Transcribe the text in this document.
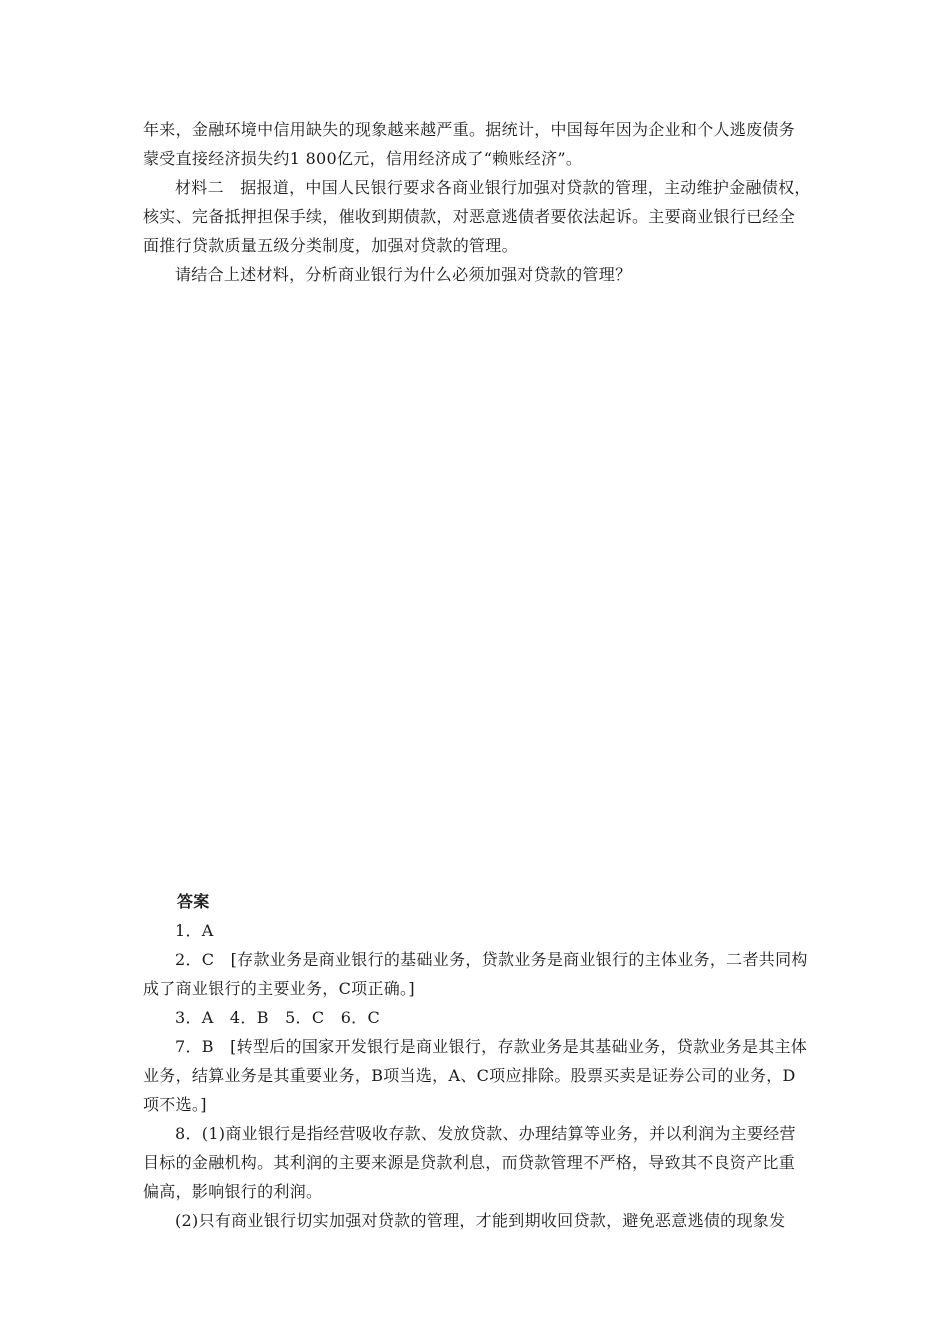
年来，金融环境中信用缺失的现象越来越严重。据统计，中国每年因为企业和个人逃废债务蒙受直接经济损失约1 800亿元，信用经济成了“赖账经济”。

材料二　据报道，中国人民银行要求各商业银行加强对贷款的管理，主动维护金融债权，核实、完备抵押担保手续，催收到期债款，对恶意逃债者要依法起诉。主要商业银行已经全面推行贷款质量五级分类制度，加强对贷款的管理。

请结合上述材料，分析商业银行为什么必须加强对贷款的管理？

答案

1．A

2．C　[存款业务是商业银行的基础业务，贷款业务是商业银行的主体业务，二者共同构成了商业银行的主要业务，C项正确。]

3．A　4．B　5．C　6．C

7．B　[转型后的国家开发银行是商业银行，存款业务是其基础业务，贷款业务是其主体业务，结算业务是其重要业务，B项当选，A、C项应排除。股票买卖是证券公司的业务，D项不选。]

8．(1)商业银行是指经营吸收存款、发放贷款、办理结算等业务，并以利润为主要经营目标的金融机构。其利润的主要来源是贷款利息，而贷款管理不严格，导致其不良资产比重偏高，影响银行的利润。

(2)只有商业银行切实加强对贷款的管理，才能到期收回贷款，避免恶意逃债的现象发
